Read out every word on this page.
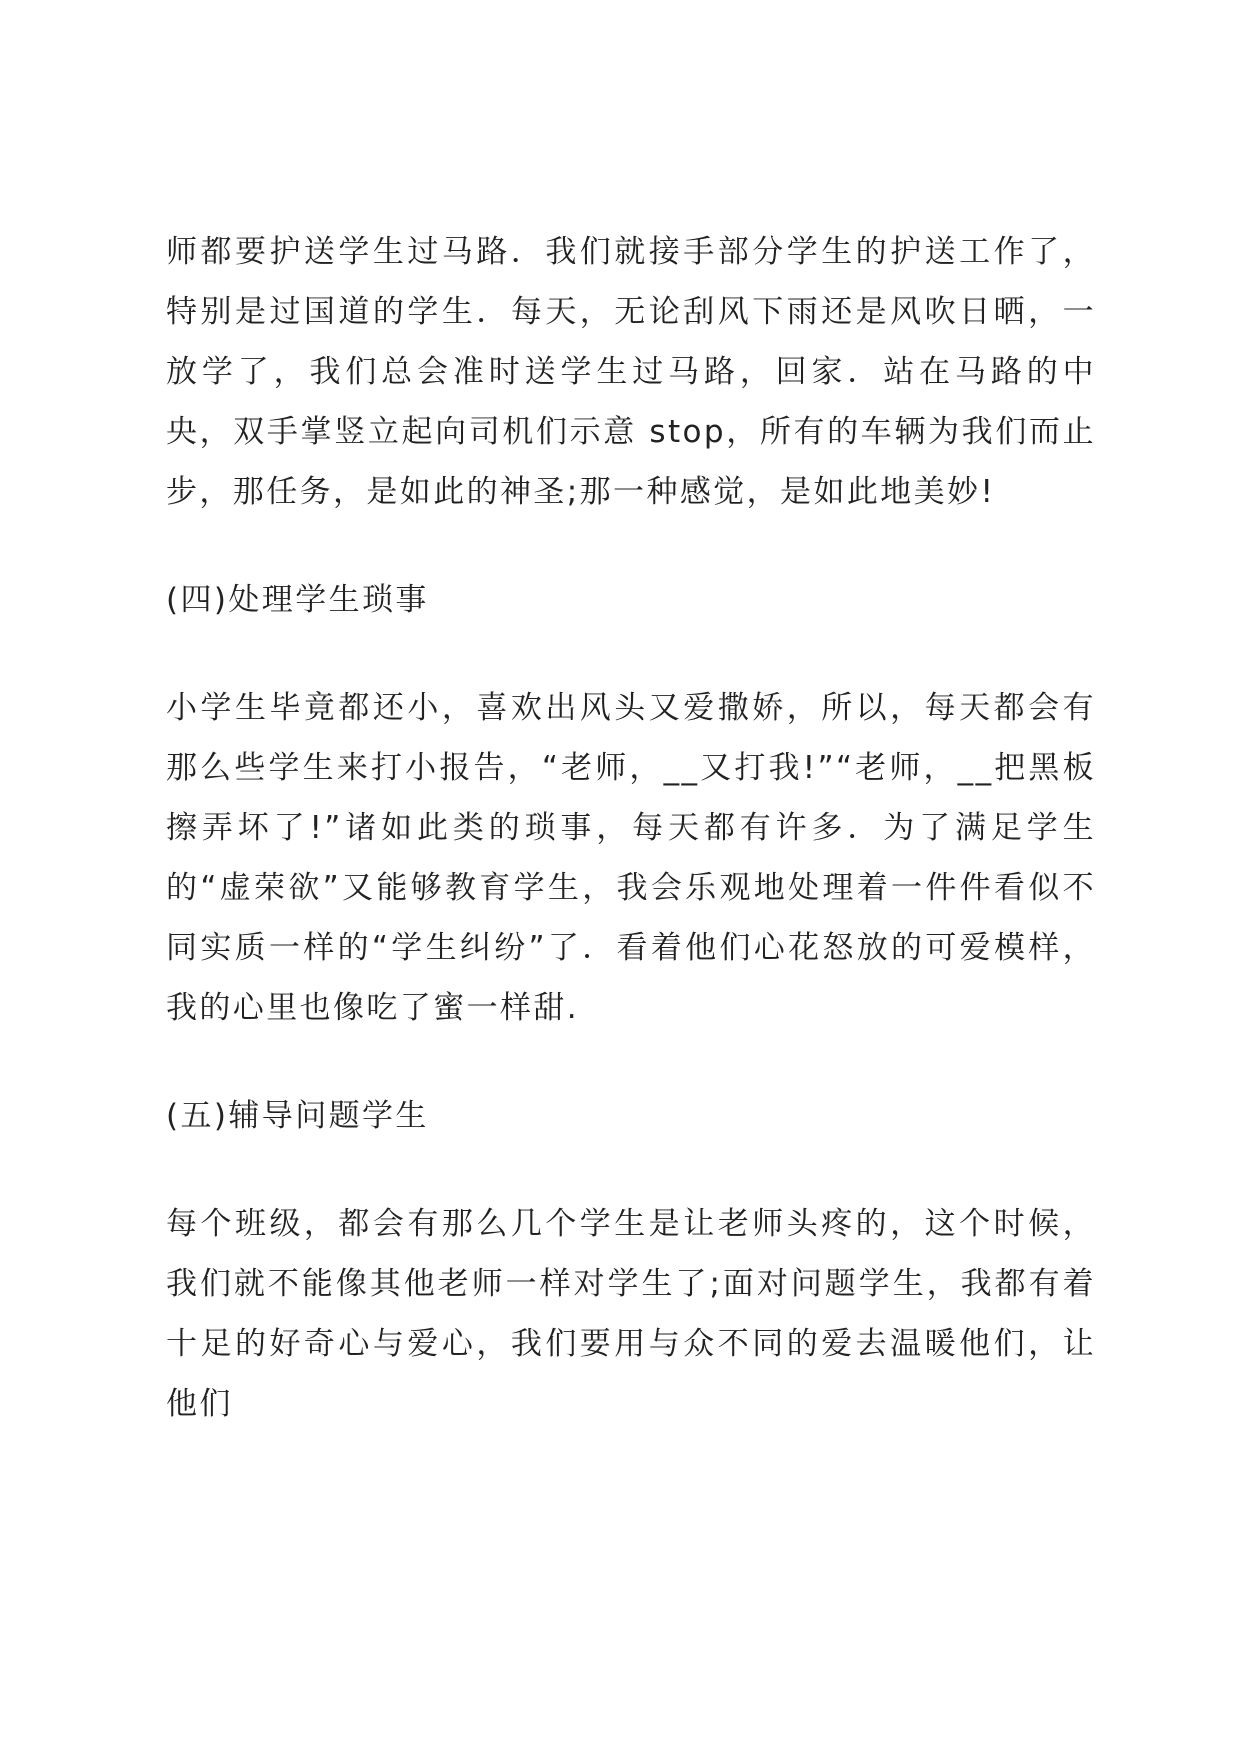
师都要护送学生过马路．我们就接手部分学生的护送工作了，特别是过国道的学生．每天，无论刮风下雨还是风吹日晒，一放学了，我们总会准时送学生过马路，回家．站在马路的中央，双手掌竖立起向司机们示意 stop，所有的车辆为我们而止步，那任务，是如此的神圣;那一种感觉，是如此地美妙!

(四)处理学生琐事

小学生毕竟都还小，喜欢出风头又爱撒娇，所以，每天都会有那么些学生来打小报告，“老师，__又打我!”“老师，__把黑板擦弄坏了!”诸如此类的琐事，每天都有许多．为了满足学生的“虚荣欲”又能够教育学生，我会乐观地处理着一件件看似不同实质一样的“学生纠纷”了．看着他们心花怒放的可爱模样，我的心里也像吃了蜜一样甜.

(五)辅导问题学生

每个班级，都会有那么几个学生是让老师头疼的，这个时候，我们就不能像其他老师一样对学生了;面对问题学生，我都有着十足的好奇心与爱心，我们要用与众不同的爱去温暖他们，让他们
